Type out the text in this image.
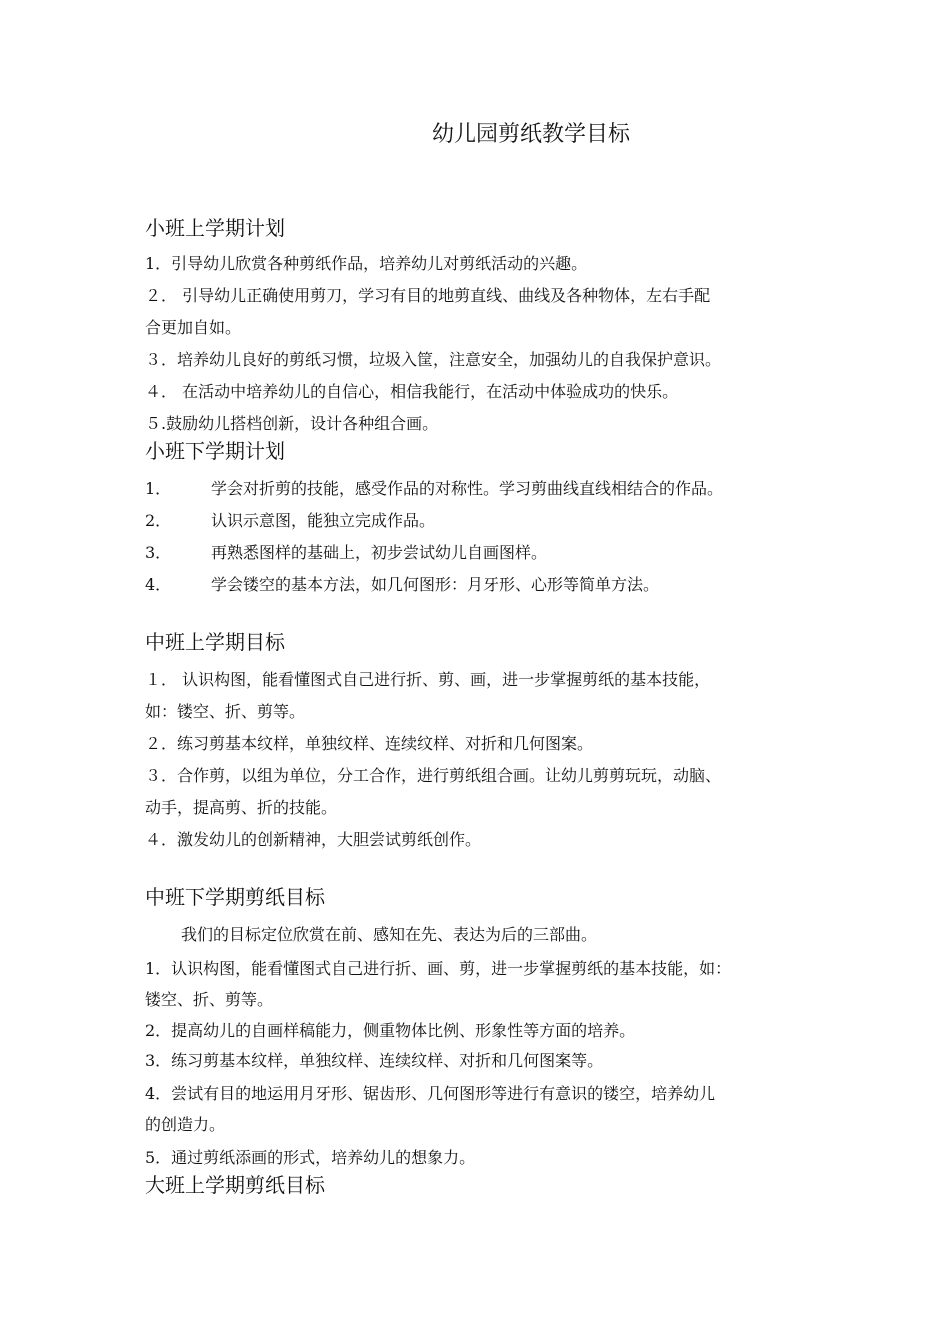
幼儿园剪纸教学目标
小班上学期计划
1．引导幼儿欣赏各种剪纸作品，培养幼儿对剪纸活动的兴趣。
２． 引导幼儿正确使用剪刀，学习有目的地剪直线、曲线及各种物体，左右手配
合更加自如。
３．培养幼儿良好的剪纸习惯，垃圾入筐，注意安全，加强幼儿的自我保护意识。
４． 在活动中培养幼儿的自信心，相信我能行，在活动中体验成功的快乐。
５.鼓励幼儿搭档创新，设计各种组合画。
小班下学期计划
1． 学会对折剪的技能，感受作品的对称性。学习剪曲线直线相结合的作品。
2． 认识示意图，能独立完成作品。
3． 再熟悉图样的基础上，初步尝试幼儿自画图样。
4． 学会镂空的基本方法，如几何图形：月牙形、心形等简单方法。
中班上学期目标
１． 认识构图，能看懂图式自己进行折、剪、画，进一步掌握剪纸的基本技能，
如：镂空、折、剪等。
２．练习剪基本纹样，单独纹样、连续纹样、对折和几何图案。
３．合作剪，以组为单位，分工合作，进行剪纸组合画。让幼儿剪剪玩玩，动脑、
动手，提高剪、折的技能。
４．激发幼儿的创新精神，大胆尝试剪纸创作。
中班下学期剪纸目标
我们的目标定位欣赏在前、感知在先、表达为后的三部曲。
1．认识构图，能看懂图式自己进行折、画、剪，进一步掌握剪纸的基本技能，如：
镂空、折、剪等。
2．提高幼儿的自画样稿能力，侧重物体比例、形象性等方面的培养。
3．练习剪基本纹样，单独纹样、连续纹样、对折和几何图案等。
4．尝试有目的地运用月牙形、锯齿形、几何图形等进行有意识的镂空，培养幼儿
的创造力。
5．通过剪纸添画的形式，培养幼儿的想象力。
大班上学期剪纸目标
